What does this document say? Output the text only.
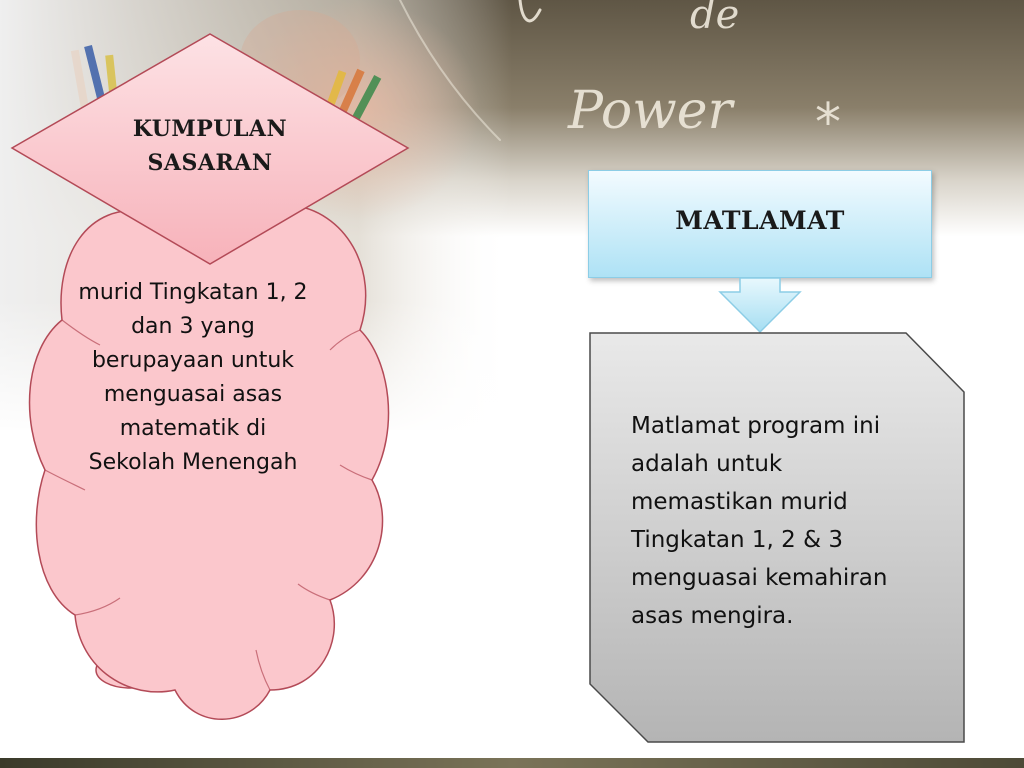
de
Power *
murid Tingkatan 1, 2 dan 3 yang berupayaan untuk menguasai asas matematik di Sekolah Menengah
KUMPULAN
SASARAN
MATLAMAT
Matlamat program ini adalah untuk memastikan murid Tingkatan 1, 2 & 3 menguasai kemahiran asas mengira.
